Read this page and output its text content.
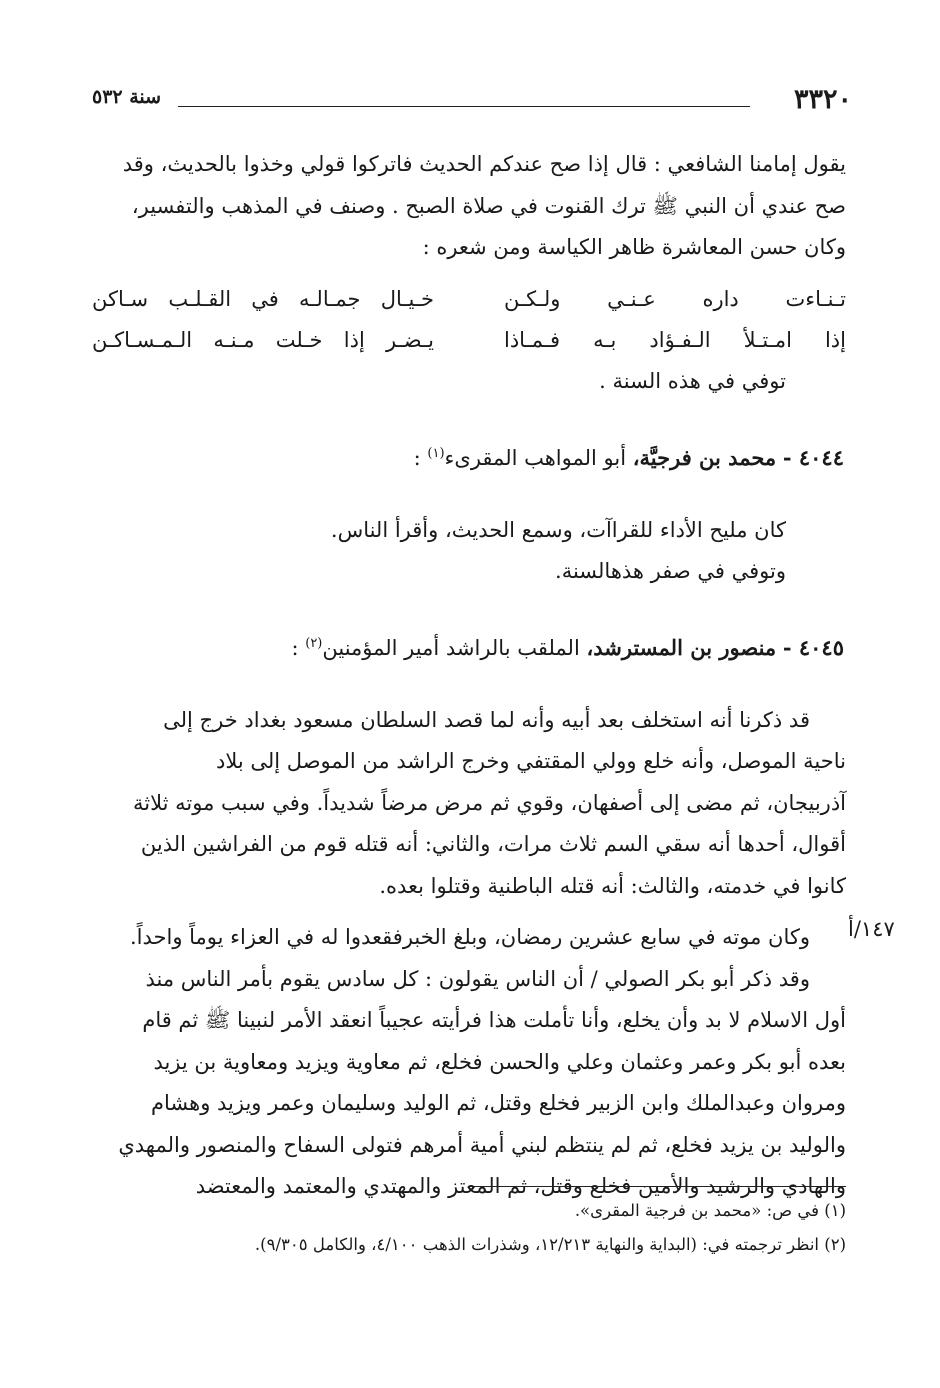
٣٣٢٠
سنة ٥٣٢

يقول إمامنا الشافعي : قال إذا صح عندكم الحديث فاتركوا قولي وخذوا بالحديث، وقد

صح عندي أن النبي ﷺ ترك القنوت في صلاة الصبح . وصنف في المذهب والتفسير،

وكان حسن المعاشرة ظاهر الكياسة ومن شعره :

تـنـاءت داره عـنـي ولـكـن
خـيـال جمـالـه في القـلـب سـاكن
إذا امـتـلأ الـفـؤاد بـه فـمـاذا
يـضـر إذا خـلت مـنـه الـمـسـاكـن

توفي في هذه السنة .

٤٠٤٤ - محمد بن فرجيَّة، أبو المواهب المقرىء$^{(١)}$ :

كان مليح الأداء للقراآت، وسمع الحديث، وأقرأ الناس.

وتوفي في صفر هذهالسنة.

٤٠٤٥ - منصور بن المسترشد، الملقب بالراشد أمير المؤمنين$^{(٢)}$ :

قد ذكرنا أنه استخلف بعد أبيه وأنه لما قصد السلطان مسعود بغداد خرج إلى

ناحية الموصل، وأنه خلع وولي المقتفي وخرج الراشد من الموصل إلى بلاد

آذربيجان، ثم مضى إلى أصفهان، وقوي ثم مرض مرضاً شديداً. وفي سبب موته ثلاثة

أقوال، أحدها أنه سقي السم ثلاث مرات، والثاني: أنه قتله قوم من الفراشين الذين

كانوا في خدمته، والثالث: أنه قتله الباطنية وقتلوا بعده.

وكان موته في سابع عشرين رمضان، وبلغ الخبرفقعدوا له في العزاء يوماً واحداً.

وقد ذكر أبو بكر الصولي / أن الناس يقولون : كل سادس يقوم بأمر الناس منذ

أول الاسلام لا بد وأن يخلع، وأنا تأملت هذا فرأيته عجيباً انعقد الأمر لنبينا ﷺ ثم قام

بعده أبو بكر وعمر وعثمان وعلي والحسن فخلع، ثم معاوية ويزيد ومعاوية بن يزيد

ومروان وعبدالملك وابن الزبير فخلع وقتل، ثم الوليد وسليمان وعمر ويزيد وهشام

والوليد بن يزيد فخلع، ثم لم ينتظم لبني أمية أمرهم فتولى السفاح والمنصور والمهدي

والهادي والرشيد والأمين فخلع وقتل، ثم المعتز والمهتدي والمعتمد والمعتضد

١٤٧/أ

(١) في ص: «محمد بن فرجية المقرى».

(٢) انظر ترجمته في: (البداية والنهاية ١٢/٢١٣، وشذرات الذهب ٤/١٠٠، والكامل ٩/٣٠٥).
